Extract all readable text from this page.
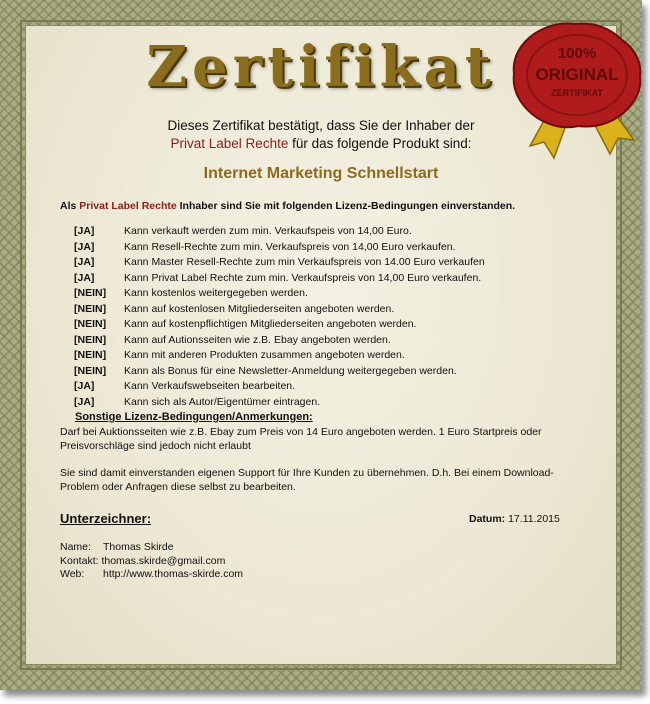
Zertifikat
Dieses Zertifikat bestätigt, dass Sie der Inhaber der
Privat Label Rechte für das folgende Produkt sind:
Internet Marketing Schnellstart
Als Privat Label Rechte Inhaber sind Sie mit folgenden Lizenz-Bedingungen einverstanden.
[JA]	Kann verkauft werden zum min. Verkaufspeis von 14,00 Euro.
[JA]	Kann Resell-Rechte zum min. Verkaufspreis von 14,00 Euro verkaufen.
[JA]	Kann Master Resell-Rechte zum min Verkaufspreis von 14.00 Euro verkaufen
[JA]	Kann Privat Label Rechte zum min. Verkaufspreis von 14,00 Euro verkaufen.
[NEIN] Kann kostenlos weitergegeben werden.
[NEIN] Kann auf kostenlosen Mitgliederseiten angeboten werden.
[NEIN] Kann auf kostenpflichtigen Mitgliederseiten angeboten werden.
[NEIN] Kann auf Autionsseiten wie z.B. Ebay angeboten werden.
[NEIN] Kann mit anderen Produkten zusammen angeboten werden.
[NEIN] Kann als Bonus für eine Newsletter-Anmeldung weitergegeben werden.
[JA]	Kann Verkaufswebseiten bearbeiten.
[JA]	Kann sich als Autor/Eigentümer eintragen.
Sonstige Lizenz-Bedingungen/Anmerkungen:
Darf bei Auktionsseiten wie z.B. Ebay zum Preis von 14 Euro angeboten werden. 1 Euro Startpreis oder Preisvorschläge sind jedoch nicht erlaubt
Sie sind damit einverstanden eigenen Support für Ihre Kunden zu übernehmen. D.h. Bei einem Download-Problem oder Anfragen diese selbst zu bearbeiten.
Unterzeichner:	Datum: 17.11.2015
Name: Thomas Skirde
Kontakt: thomas.skirde@gmail.com
Web: http://www.thomas-skirde.com
100%
ORIGINAL
ZERTIFIKAT
